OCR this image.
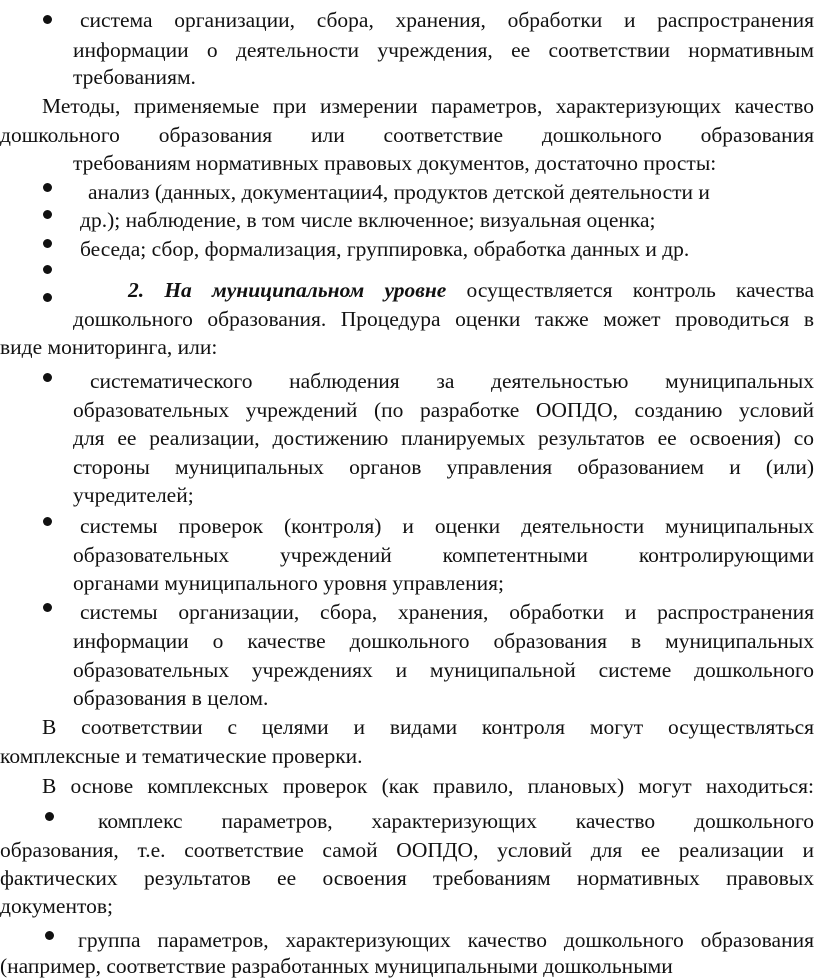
система организации, сбора, хранения, обработки и распространения
информации о деятельности учреждения, ее соответствии нормативным
требованиям.
Методы, применяемые при измерении параметров, характеризующих качество
дошкольного образования или соответствие дошкольного образования
требованиям нормативных правовых документов, достаточно просты:
анализ (данных, документации4, продуктов детской деятельности и
др.); наблюдение, в том числе включенное; визуальная оценка;
беседа; сбор, формализация, группировка, обработка данных и др.
2. На муниципальном уровне осуществляется контроль качества
дошкольного образования. Процедура оценки также может проводиться в
виде мониторинга, или:
систематического наблюдения за деятельностью муниципальных
образовательных учреждений (по разработке ООПДО, созданию условий
для ее реализации, достижению планируемых результатов ее освоения) со
стороны муниципальных органов управления образованием и (или)
учредителей;
системы проверок (контроля) и оценки деятельности муниципальных
образовательных учреждений компетентными контролирующими
органами муниципального уровня управления;
системы организации, сбора, хранения, обработки и распространения
информации о качестве дошкольного образования в муниципальных
образовательных учреждениях и муниципальной системе дошкольного
образования в целом.
В соответствии с целями и видами контроля могут осуществляться
комплексные и тематические проверки.
В основе комплексных проверок (как правило, плановых) могут находиться:
комплекс параметров, характеризующих качество дошкольного
образования, т.е. соответствие самой ООПДО, условий для ее реализации и
фактических результатов ее освоения требованиям нормативных правовых
документов;
группа параметров, характеризующих качество дошкольного образования
(например, соответствие разработанных муниципальными дошкольными
